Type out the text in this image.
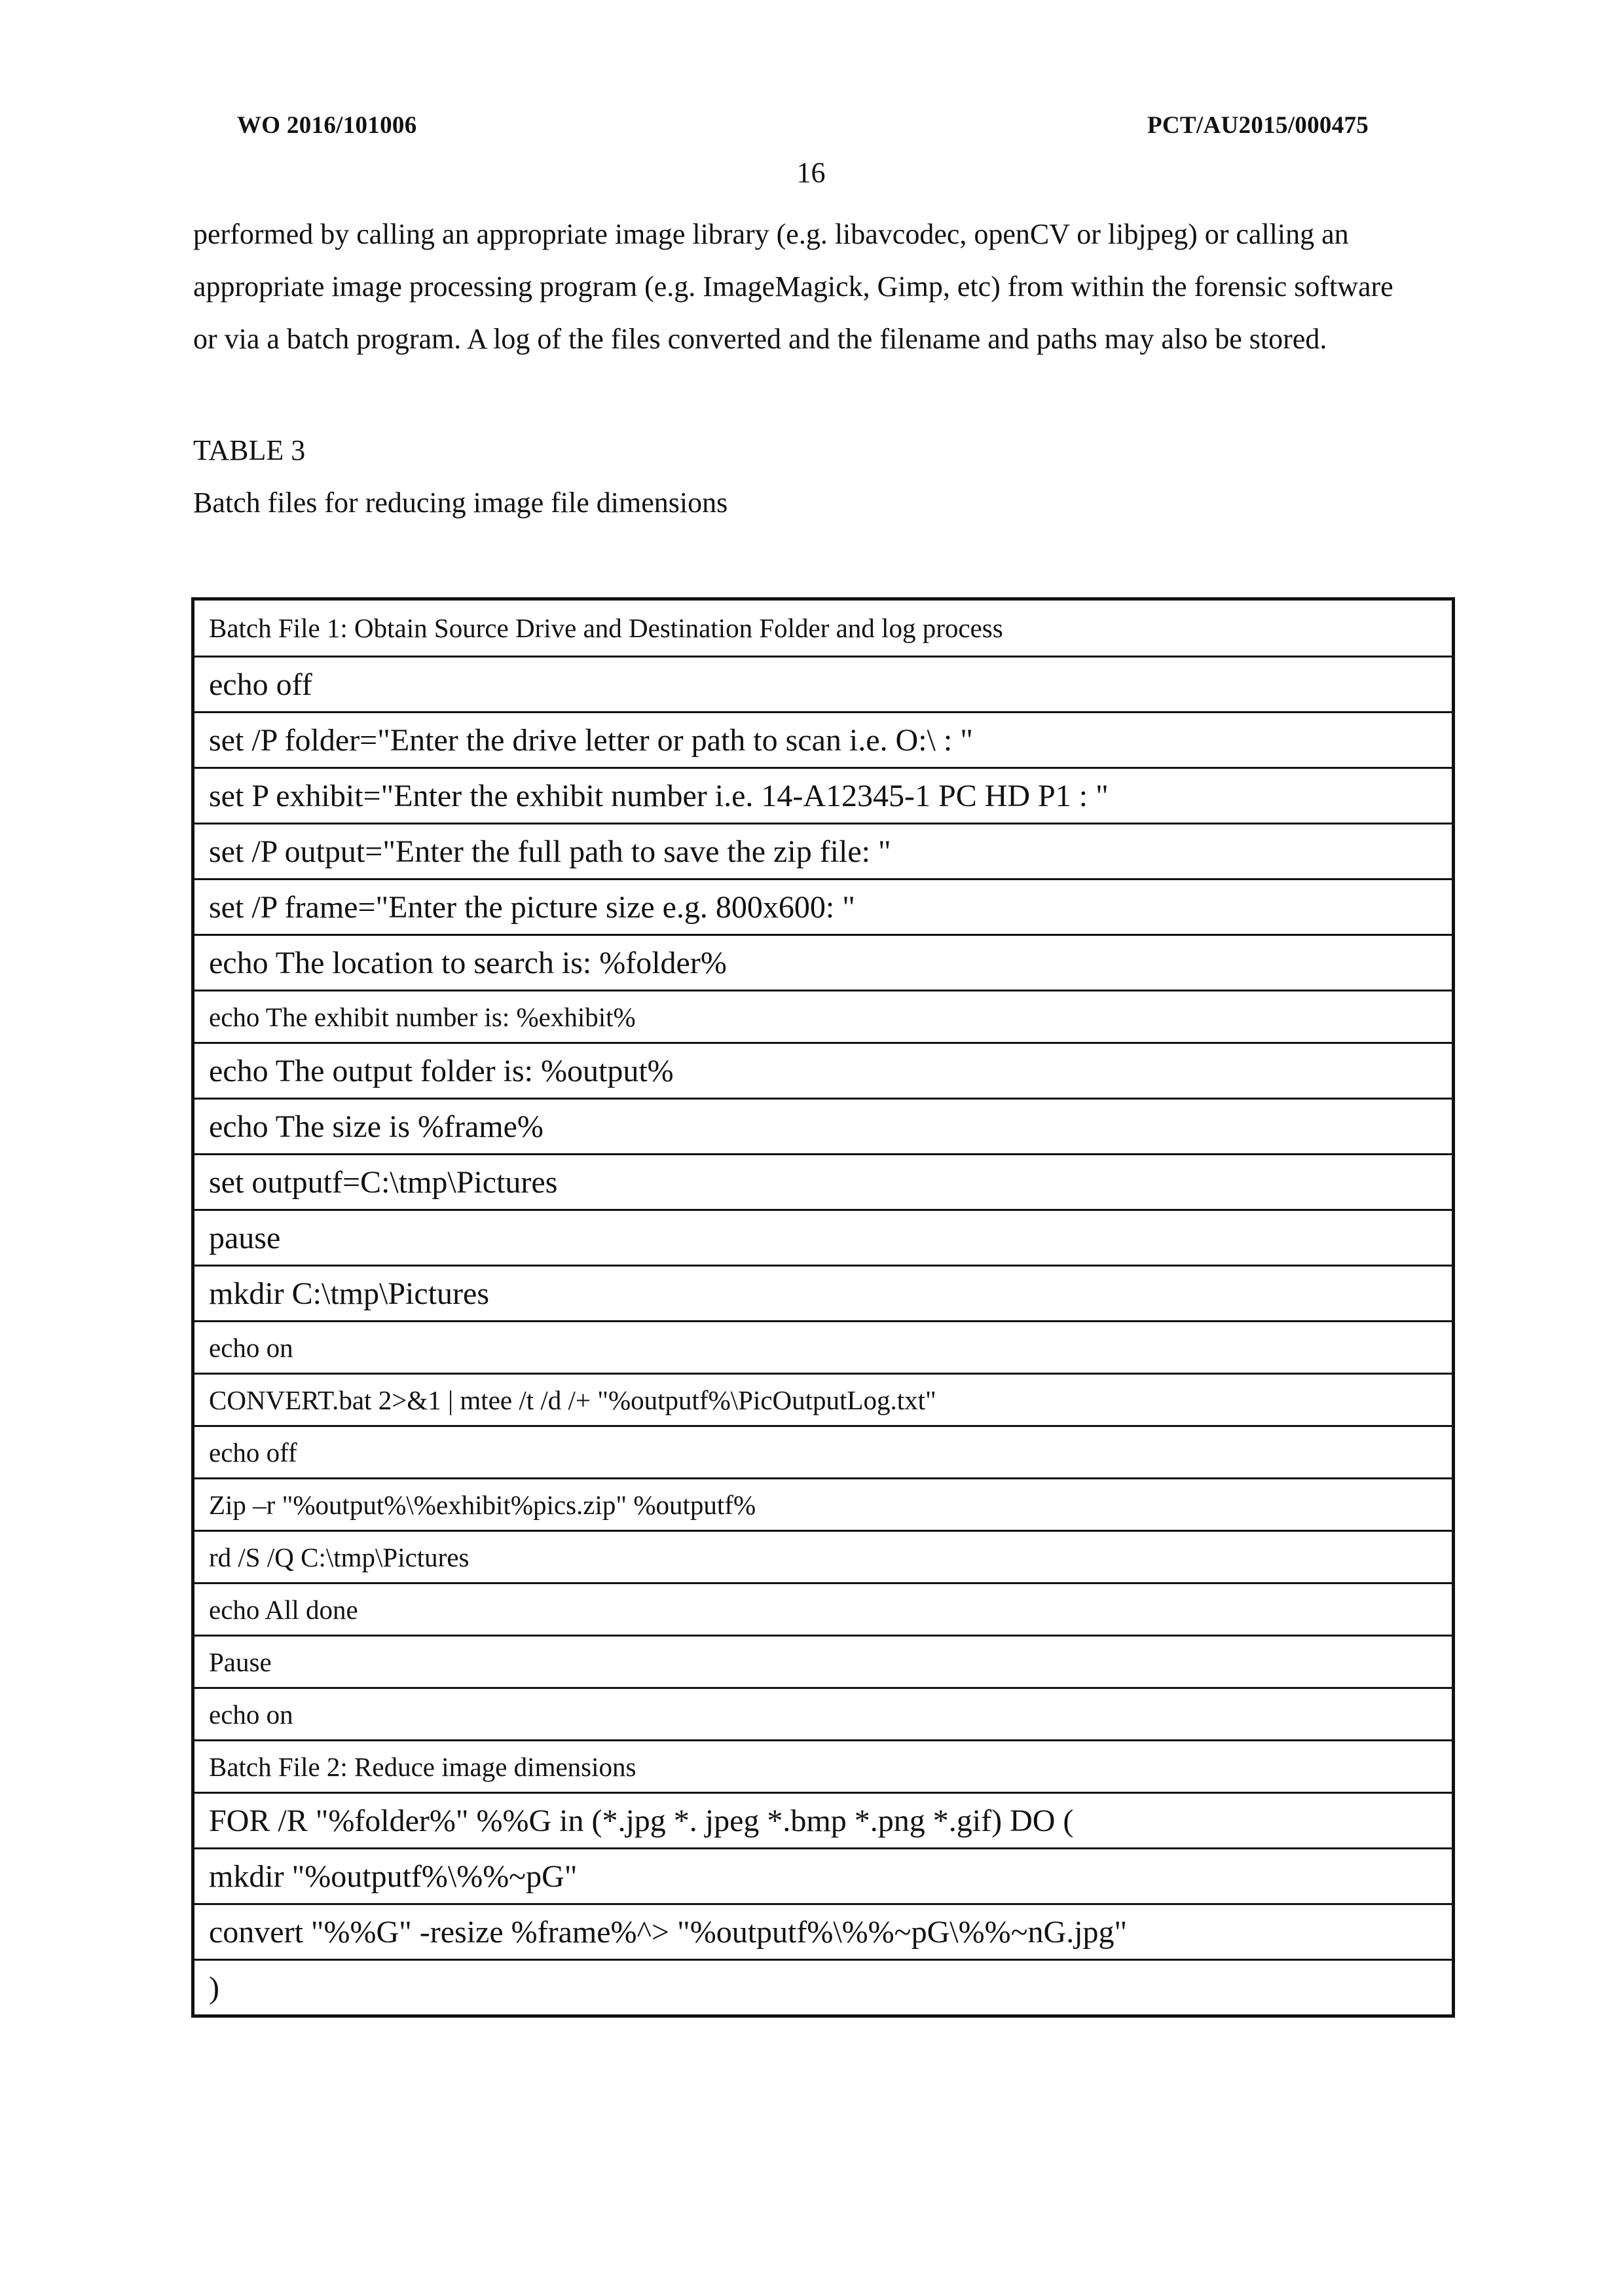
WO 2016/101006	PCT/AU2015/000475
16
performed by calling an appropriate image library (e.g. libavcodec, openCV or libjpeg) or calling an
appropriate image processing program (e.g. ImageMagick, Gimp, etc) from within the forensic software
or via a batch program. A log of the files converted and the filename and paths may also be stored.
TABLE 3
Batch files for reducing image file dimensions
Batch File 1: Obtain Source Drive and Destination Folder and log process
echo off
set /P folder="Enter the drive letter or path to scan i.e. O:\ : "
set P exhibit="Enter the exhibit number i.e. 14-A12345-1 PC HD P1 : "
set /P output="Enter the full path to save the zip file: "
set /P frame="Enter the picture size e.g. 800x600: "
echo The location to search is: %folder%
echo The exhibit number is: %exhibit%
echo The output folder is: %output%
echo The size is %frame%
set outputf=C:\tmp\Pictures
pause
mkdir C:\tmp\Pictures
echo on
CONVERT.bat 2>&1 | mtee /t /d /+ "%outputf%\PicOutputLog.txt"
echo off
Zip –r "%output%\%exhibit%pics.zip" %outputf%
rd /S /Q C:\tmp\Pictures
echo All done
Pause
echo on
Batch File 2: Reduce image dimensions
FOR /R "%folder%" %%G in (*.jpg *. jpeg *.bmp *.png *.gif) DO (
mkdir "%outputf%\%%~pG"
convert "%%G" -resize %frame%^> "%outputf%\%%~pG\%%~nG.jpg"
)
